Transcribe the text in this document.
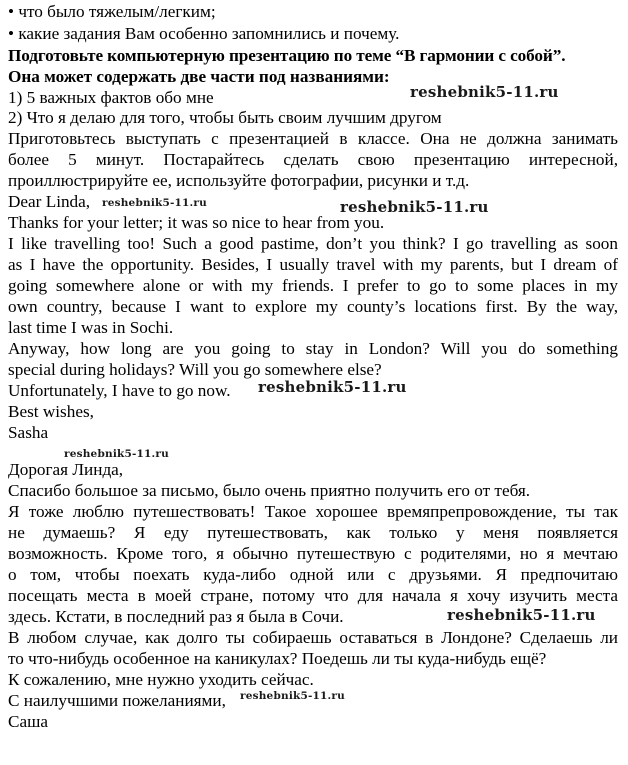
• что было тяжелым/легким;
• какие задания Вам особенно запомнились и почему.
Подготовьте компьютерную презентацию по теме “В гармонии с собой”.
Она может содержать две части под названиями:
1) 5 важных фактов обо мне
2) Что я делаю для того, чтобы быть своим лучшим другом
Приготовьтесь выступать с презентацией в классе. Она не должна занимать
более 5 минут. Постарайтесь сделать свою презентацию интересной,
проиллюстрируйте ее, используйте фотографии, рисунки и т.д.
Dear Linda,
Thanks for your letter; it was so nice to hear from you.
I like travelling too! Such a good pastime, don’t you think? I go travelling as soon
as I have the opportunity. Besides, I usually travel with my parents, but I dream of
going somewhere alone or with my friends. I prefer to go to some places in my
own country, because I want to explore my county’s locations first. By the way,
last time I was in Sochi.
Anyway, how long are you going to stay in London? Will you do something
special during holidays? Will you go somewhere else?
Unfortunately, I have to go now.
Best wishes,
Sasha
Дорогая Линда,
Спасибо большое за письмо, было очень приятно получить его от тебя.
Я тоже люблю путешествовать! Такое хорошее времяпрепровождение, ты так
не думаешь? Я еду путешествовать, как только у меня появляется
возможность. Кроме того, я обычно путешествую с родителями, но я мечтаю
о том, чтобы поехать куда-либо одной или с друзьями. Я предпочитаю
посещать места в моей стране, потому что для начала я хочу изучить места
здесь. Кстати, в последний раз я была в Сочи.
В любом случае, как долго ты собираешь оставаться в Лондоне? Сделаешь ли
то что-нибудь особенное на каникулах? Поедешь ли ты куда-нибудь ещё?
К сожалению, мне нужно уходить сейчас.
С наилучшими пожеланиями,
Саша
reshebnik5-11.ru
reshebnik5-11.ru	reshebnik5-11.ru
reshebnik5-11.ru
reshebnik5-11.ru
reshebnik5-11.ru
reshebnik5-11.ru
